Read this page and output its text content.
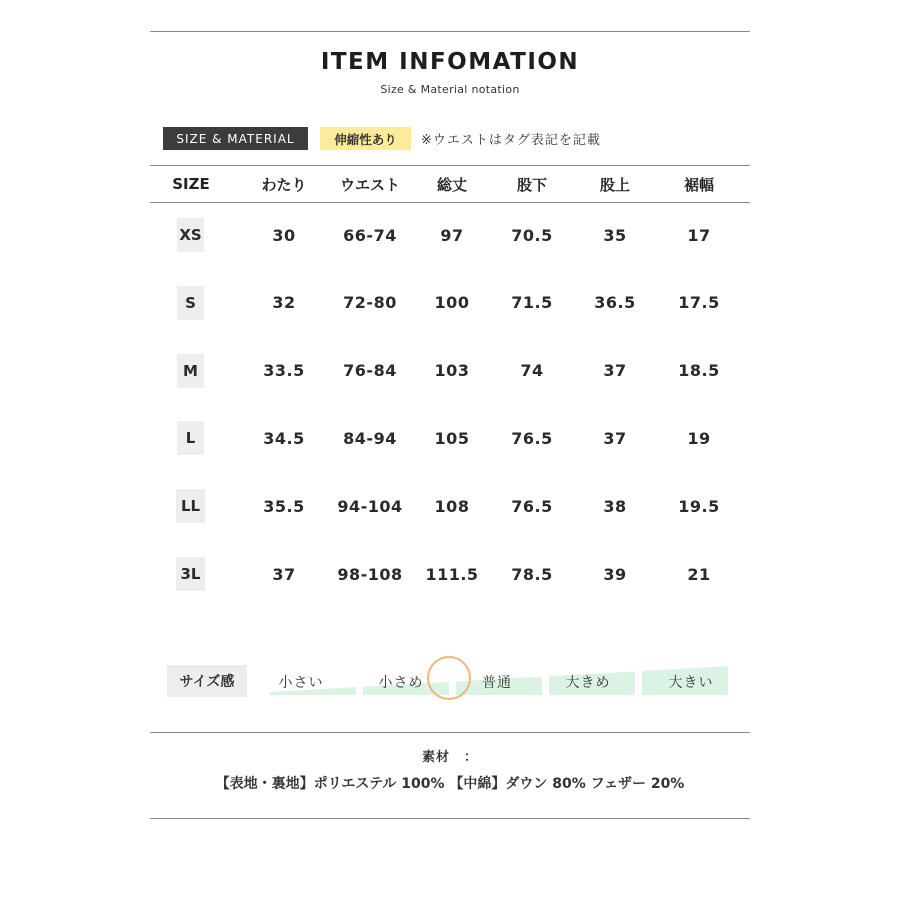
ITEM INFOMATION
Size & Material notation
SIZE & MATERIAL	伸縮性あり	※ウエストはタグ表記を記載
SIZE	わたり	ウエスト	総丈	股下	股上	裾幅
XS	30	66-74	97	70.5	35	17
S	32	72-80	100	71.5	36.5	17.5
M	33.5	76-84	103	74	37	18.5
L	34.5	84-94	105	76.5	37	19
LL	35.5	94-104	108	76.5	38	19.5
3L	37	98-108	111.5	78.5	39	21
サイズ感	小さい	小さめ	普通	大きめ	大きい
素材　：
【表地・裏地】ポリエステル 100% 【中綿】ダウン 80% フェザー 20%
